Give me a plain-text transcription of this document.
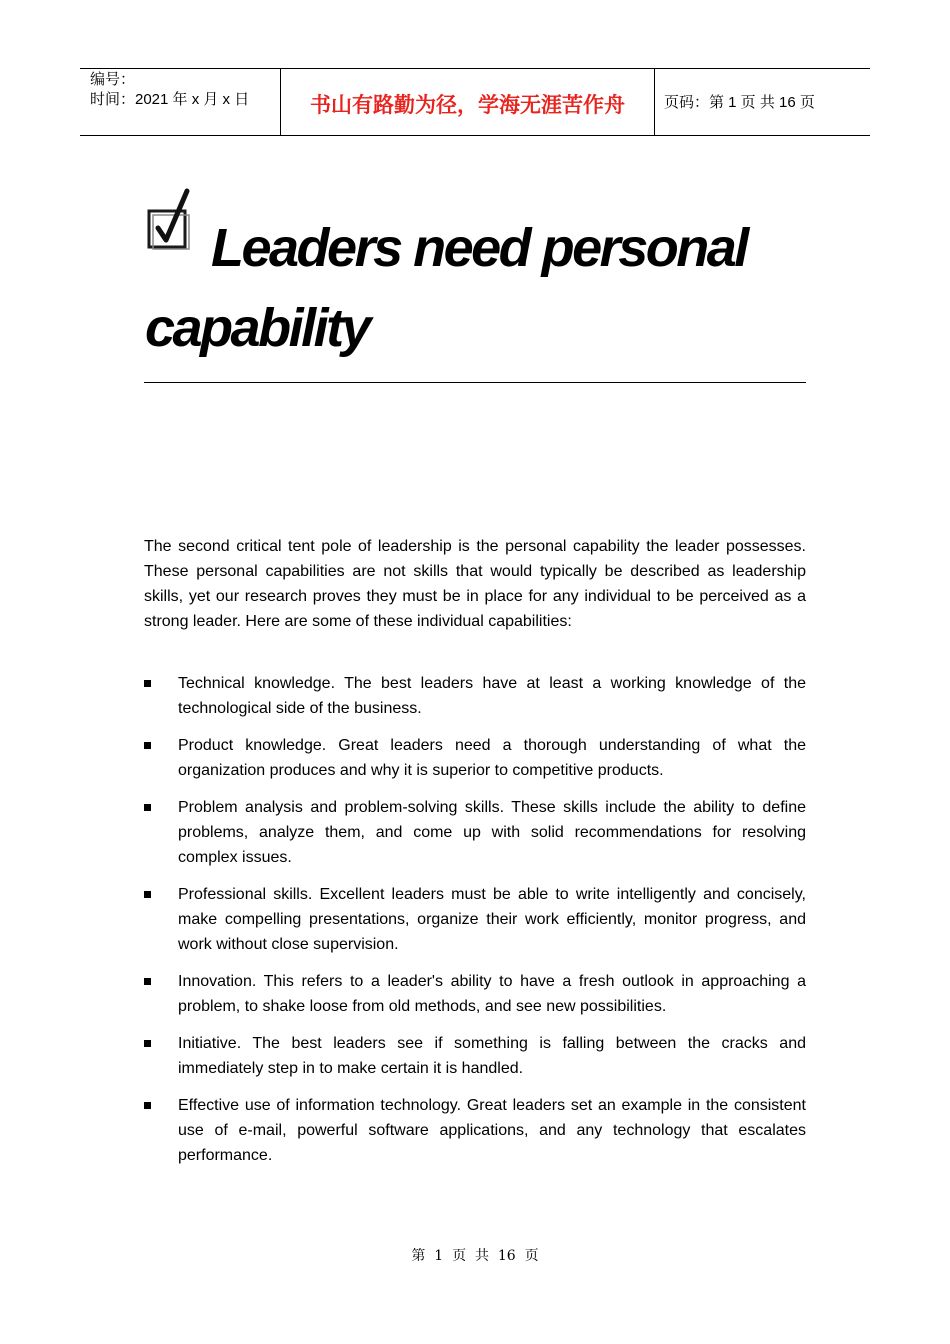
编号：
时间：2021 年 x 月 x 日	书山有路勤为径，学海无涯苦作舟	页码：第 1 页 共 16 页
Leaders need personal capability

The second critical tent pole of leadership is the personal capability the leader possesses. These personal capabilities are not skills that would typically be described as leadership skills, yet our research proves they must be in place for any individual to be perceived as a strong leader. Here are some of these individual capabilities:

Technical knowledge. The best leaders have at least a working knowledge of the technological side of the business.
Product knowledge. Great leaders need a thorough understanding of what the organization produces and why it is superior to competitive products.
Problem analysis and problem-solving skills. These skills include the ability to define problems, analyze them, and come up with solid recommendations for resolving complex issues.
Professional skills. Excellent leaders must be able to write intelligently and concisely, make compelling presentations, organize their work efficiently, monitor progress, and work without close supervision.
Innovation. This refers to a leader's ability to have a fresh outlook in approaching a problem, to shake loose from old methods, and see new possibilities.
Initiative. The best leaders see if something is falling between the cracks and immediately step in to make certain it is handled.
Effective use of information technology. Great leaders set an example in the consistent use of e-mail, powerful software applications, and any technology that escalates performance.
第  1  页  共  16  页
